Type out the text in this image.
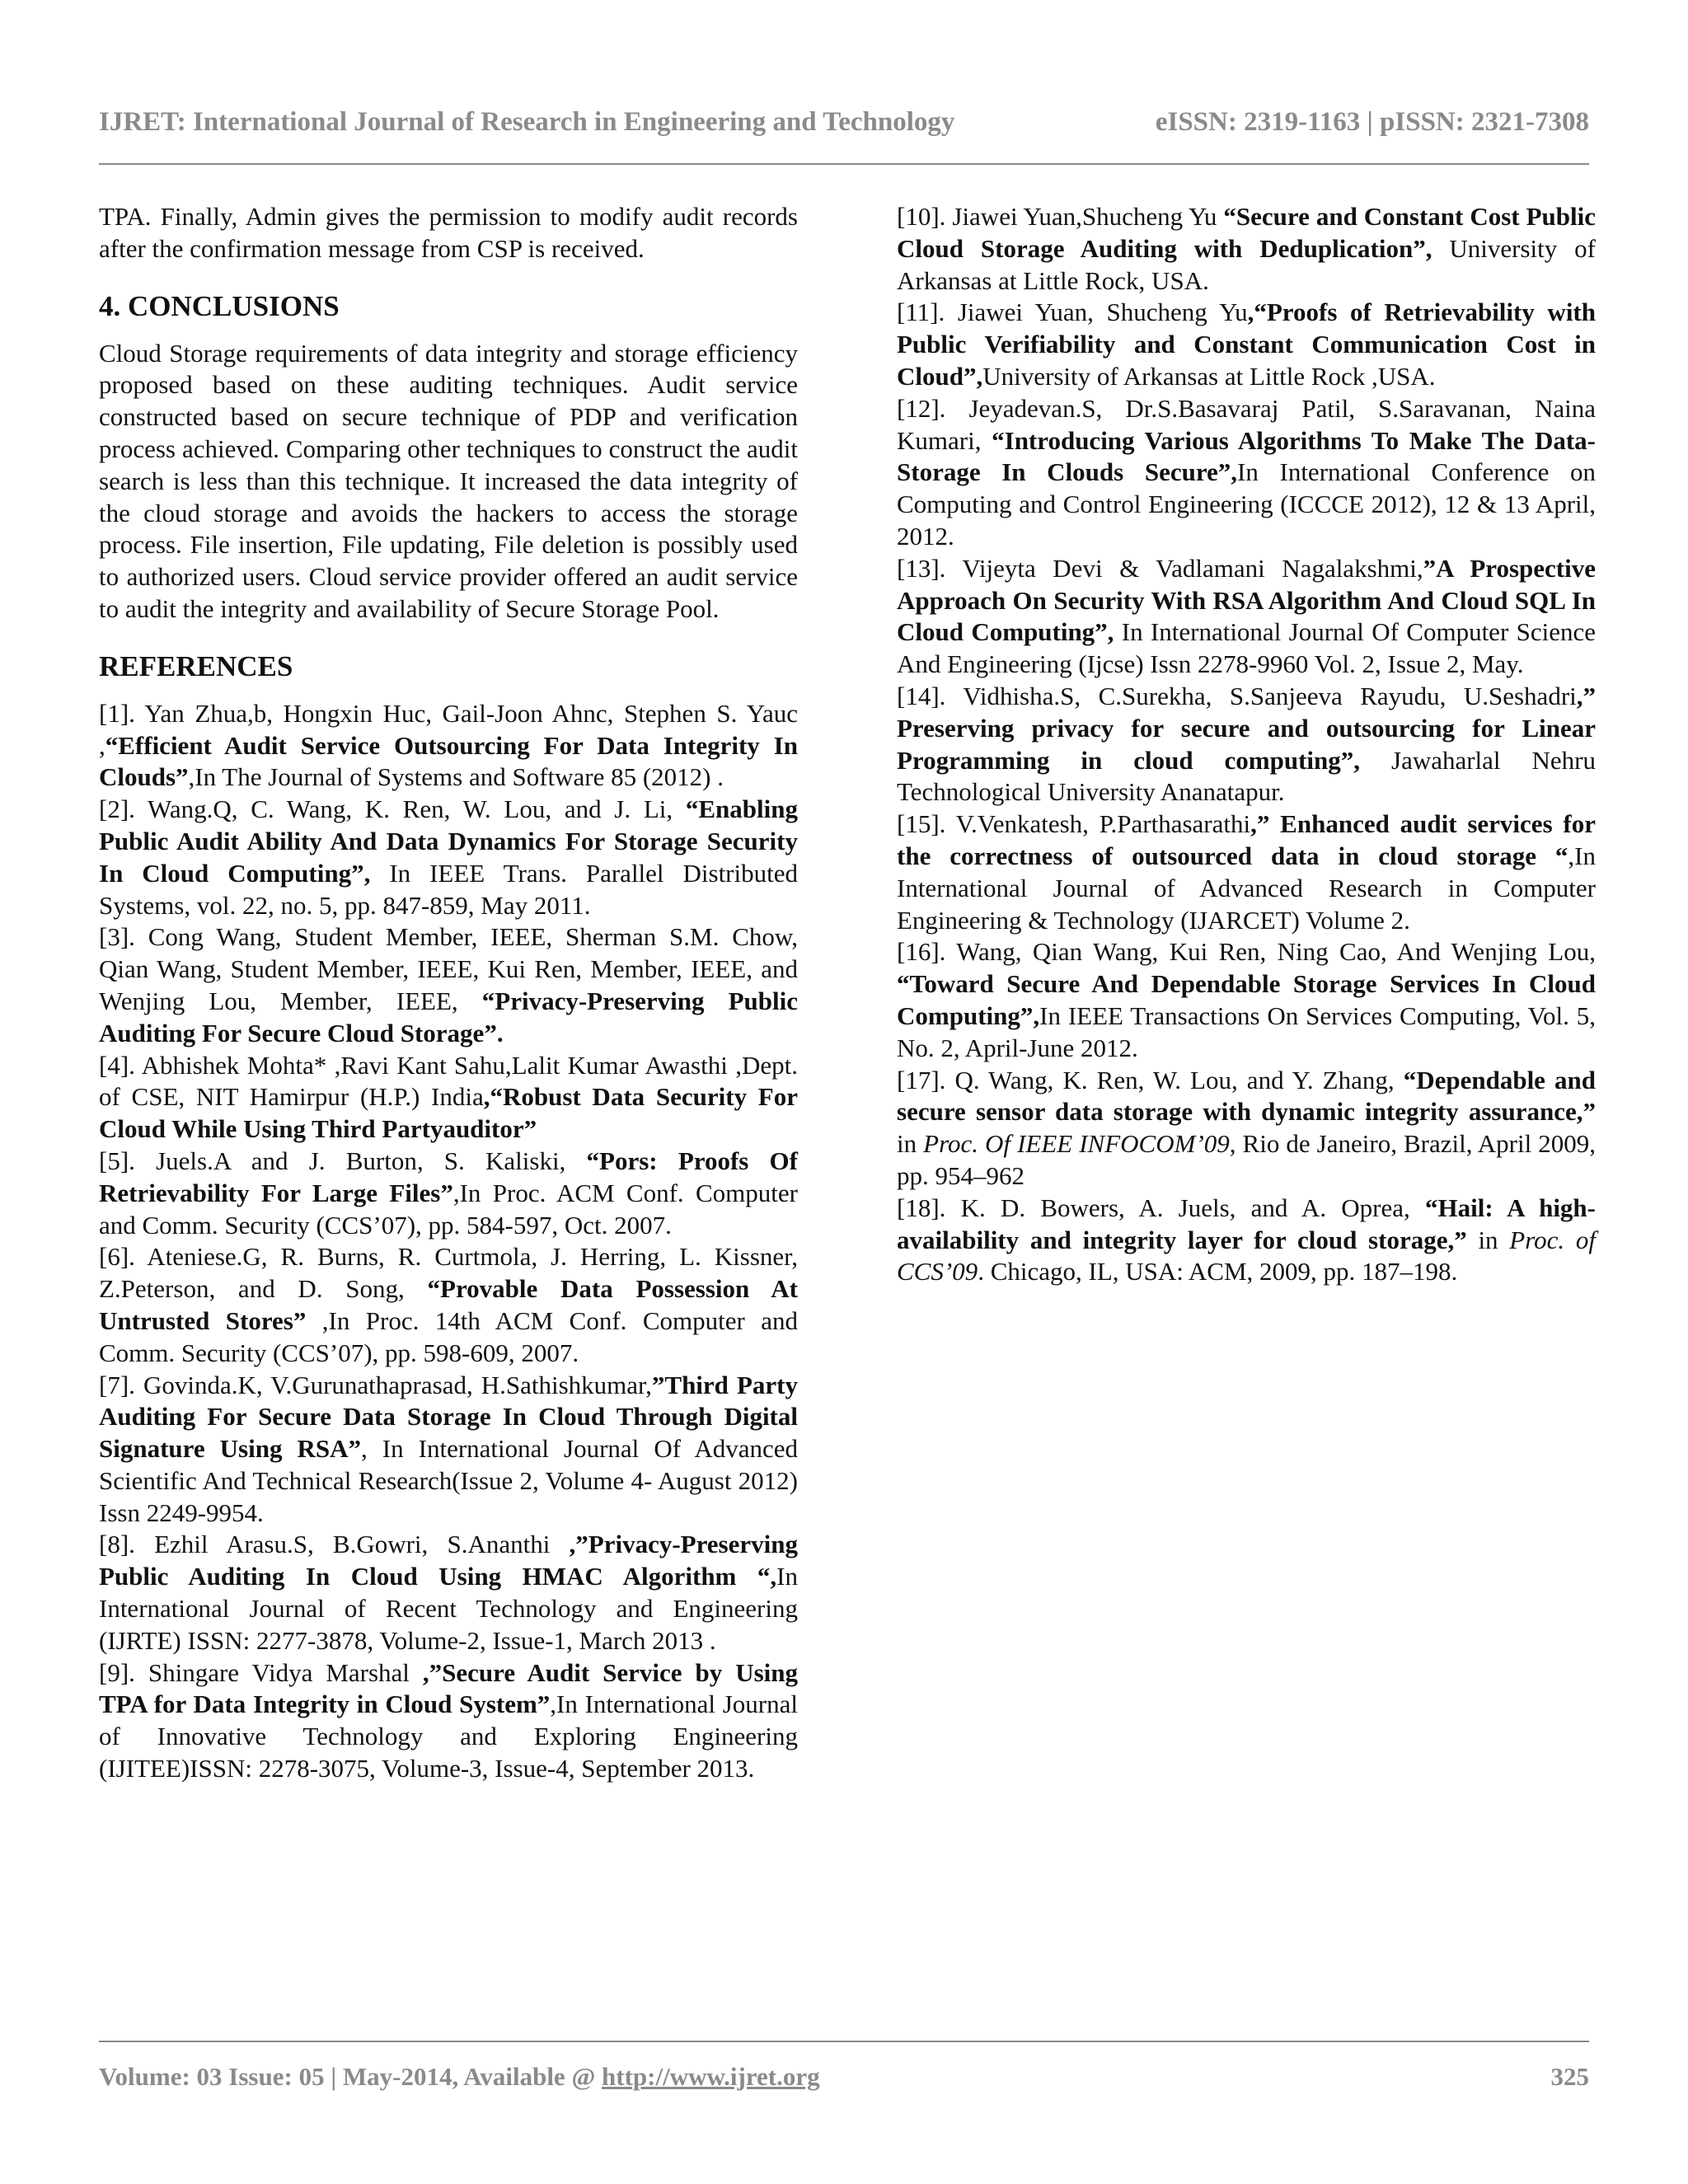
IJRET: International Journal of Research in Engineering and Technology	eISSN: 2319-1163 | pISSN: 2321-7308

TPA. Finally, Admin gives the permission to modify audit records after the confirmation message from CSP is received.

4. CONCLUSIONS

Cloud Storage requirements of data integrity and storage efficiency proposed based on these auditing techniques. Audit service constructed based on secure technique of PDP and verification process achieved. Comparing other techniques to construct the audit search is less than this technique. It increased the data integrity of the cloud storage and avoids the hackers to access the storage process. File insertion, File updating, File deletion is possibly used to authorized users. Cloud service provider offered an audit service to audit the integrity and availability of Secure Storage Pool.

REFERENCES

[1]. Yan Zhua,b, Hongxin Huc, Gail-Joon Ahnc, Stephen S. Yauc ,“Efficient Audit Service Outsourcing For Data Integrity In Clouds”,In The Journal of Systems and Software 85 (2012) .

[2]. Wang.Q, C. Wang, K. Ren, W. Lou, and J. Li, “Enabling Public Audit Ability And Data Dynamics For Storage Security In Cloud Computing”, In IEEE Trans. Parallel Distributed Systems, vol. 22, no. 5, pp. 847-859, May 2011.

[3]. Cong Wang, Student Member, IEEE, Sherman S.M. Chow, Qian Wang, Student Member, IEEE, Kui Ren, Member, IEEE, and Wenjing Lou, Member, IEEE, “Privacy-Preserving Public Auditing For Secure Cloud Storage”.

[4]. Abhishek Mohta* ,Ravi Kant Sahu,Lalit Kumar Awasthi ,Dept. of CSE, NIT Hamirpur (H.P.) India,“Robust Data Security For Cloud While Using Third Partyauditor”

[5]. Juels.A and J. Burton, S. Kaliski, “Pors: Proofs Of Retrievability For Large Files”,In Proc. ACM Conf. Computer and Comm. Security (CCS’07), pp. 584-597, Oct. 2007.

[6]. Ateniese.G, R. Burns, R. Curtmola, J. Herring, L. Kissner, Z.Peterson, and D. Song, “Provable Data Possession At Untrusted Stores” ,In Proc. 14th ACM Conf. Computer and Comm. Security (CCS’07), pp. 598-609, 2007.

[7]. Govinda.K, V.Gurunathaprasad, H.Sathishkumar,”Third Party Auditing For Secure Data Storage In Cloud Through Digital Signature Using RSA”, In International Journal Of Advanced Scientific And Technical Research(Issue 2, Volume 4- August 2012) Issn 2249-9954.

[8]. Ezhil Arasu.S, B.Gowri, S.Ananthi ,”Privacy-Preserving Public Auditing In Cloud Using HMAC Algorithm “,In International Journal of Recent Technology and Engineering (IJRTE) ISSN: 2277-3878, Volume-2, Issue-1, March 2013 .

[9]. Shingare Vidya Marshal ,”Secure Audit Service by Using TPA for Data Integrity in Cloud System”,In International Journal of Innovative Technology and Exploring Engineering (IJITEE)ISSN: 2278-3075, Volume-3, Issue-4, September 2013.

[10]. Jiawei Yuan,Shucheng Yu “Secure and Constant Cost Public Cloud Storage Auditing with Deduplication”, University of Arkansas at Little Rock, USA.

[11]. Jiawei Yuan, Shucheng Yu,“Proofs of Retrievability with Public Verifiability and Constant Communication Cost in Cloud”,University of Arkansas at Little Rock ,USA.

[12]. Jeyadevan.S, Dr.S.Basavaraj Patil, S.Saravanan, Naina Kumari, “Introducing Various Algorithms To Make The Data-Storage In Clouds Secure”,In International Conference on Computing and Control Engineering (ICCCE 2012), 12 & 13 April, 2012.

[13]. Vijeyta Devi & Vadlamani Nagalakshmi,”A Prospective Approach On Security With RSA Algorithm And Cloud SQL In Cloud Computing”, In International Journal Of Computer Science And Engineering (Ijcse) Issn 2278-9960 Vol. 2, Issue 2, May.

[14]. Vidhisha.S, C.Surekha, S.Sanjeeva Rayudu, U.Seshadri,” Preserving privacy for secure and outsourcing for Linear Programming in cloud computing”, Jawaharlal Nehru Technological University Ananatapur.

[15]. V.Venkatesh, P.Parthasarathi,” Enhanced audit services for the correctness of outsourced data in cloud storage “,In International Journal of Advanced Research in Computer Engineering & Technology (IJARCET) Volume 2.

[16]. Wang, Qian Wang, Kui Ren, Ning Cao, And Wenjing Lou, “Toward Secure And Dependable Storage Services In Cloud Computing”,In IEEE Transactions On Services Computing, Vol. 5, No. 2, April-June 2012.

[17]. Q. Wang, K. Ren, W. Lou, and Y. Zhang, “Dependable and secure sensor data storage with dynamic integrity assurance,” in Proc. Of IEEE INFOCOM’09, Rio de Janeiro, Brazil, April 2009, pp. 954–962

[18]. K. D. Bowers, A. Juels, and A. Oprea, “Hail: A high-availability and integrity layer for cloud storage,” in Proc. of CCS’09. Chicago, IL, USA: ACM, 2009, pp. 187–198.

Volume: 03 Issue: 05 | May-2014, Available @ http://www.ijret.org	325
